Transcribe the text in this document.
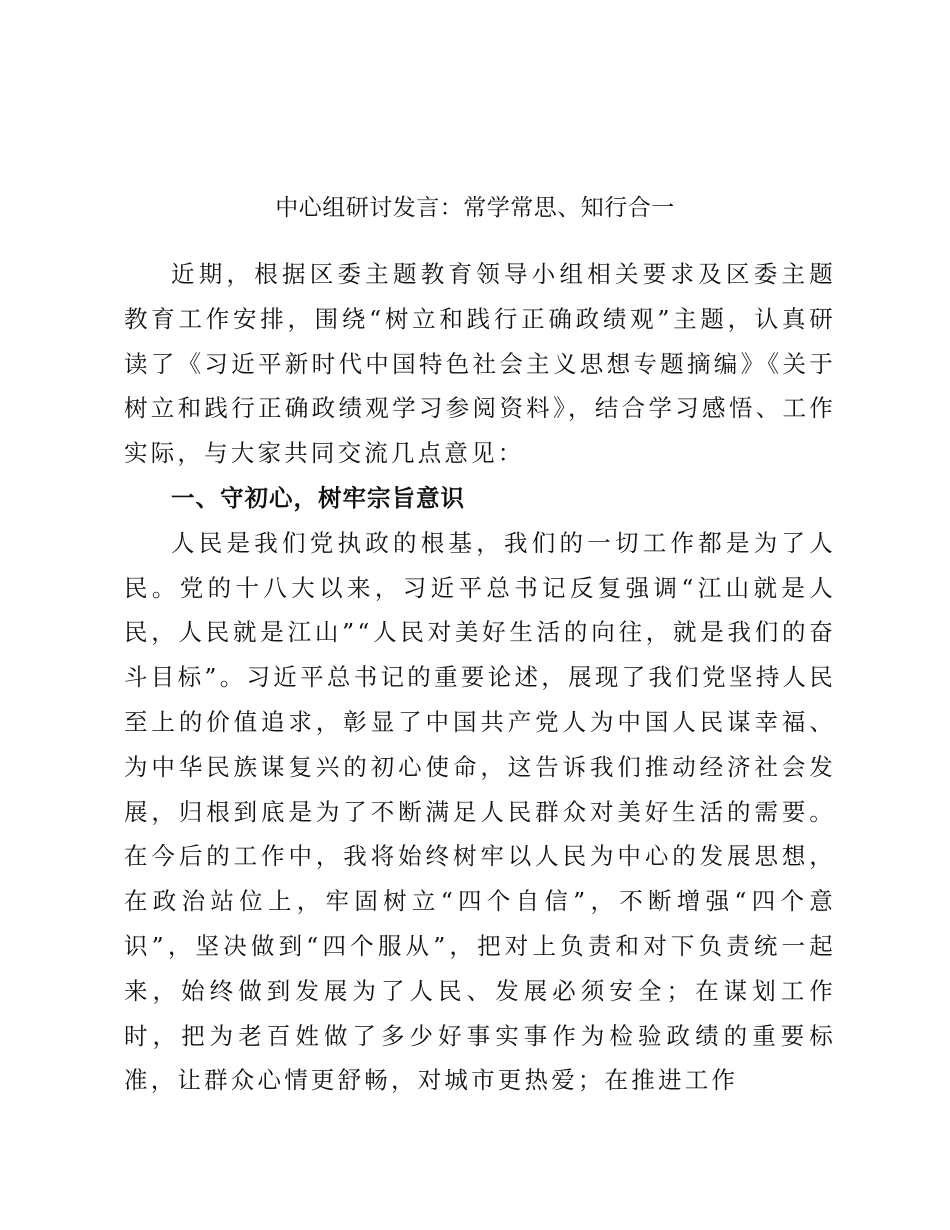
中心组研讨发言：常学常思、知行合一

近期，根据区委主题教育领导小组相关要求及区委主题教育工作安排，围绕“树立和践行正确政绩观”主题，认真研读了《习近平新时代中国特色社会主义思想专题摘编》《关于树立和践行正确政绩观学习参阅资料》，结合学习感悟、工作实际，与大家共同交流几点意见：

一、守初心，树牢宗旨意识

人民是我们党执政的根基，我们的一切工作都是为了人民。党的十八大以来，习近平总书记反复强调“江山就是人民，人民就是江山”“人民对美好生活的向往，就是我们的奋斗目标”。习近平总书记的重要论述，展现了我们党坚持人民至上的价值追求，彰显了中国共产党人为中国人民谋幸福、为中华民族谋复兴的初心使命，这告诉我们推动经济社会发展，归根到底是为了不断满足人民群众对美好生活的需要。在今后的工作中，我将始终树牢以人民为中心的发展思想，在政治站位上，牢固树立“四个自信”，不断增强“四个意识”，坚决做到“四个服从”，把对上负责和对下负责统一起来，始终做到发展为了人民、发展必须安全；在谋划工作时，把为老百姓做了多少好事实事作为检验政绩的重要标准，让群众心情更舒畅，对城市更热爱；在推进工作
